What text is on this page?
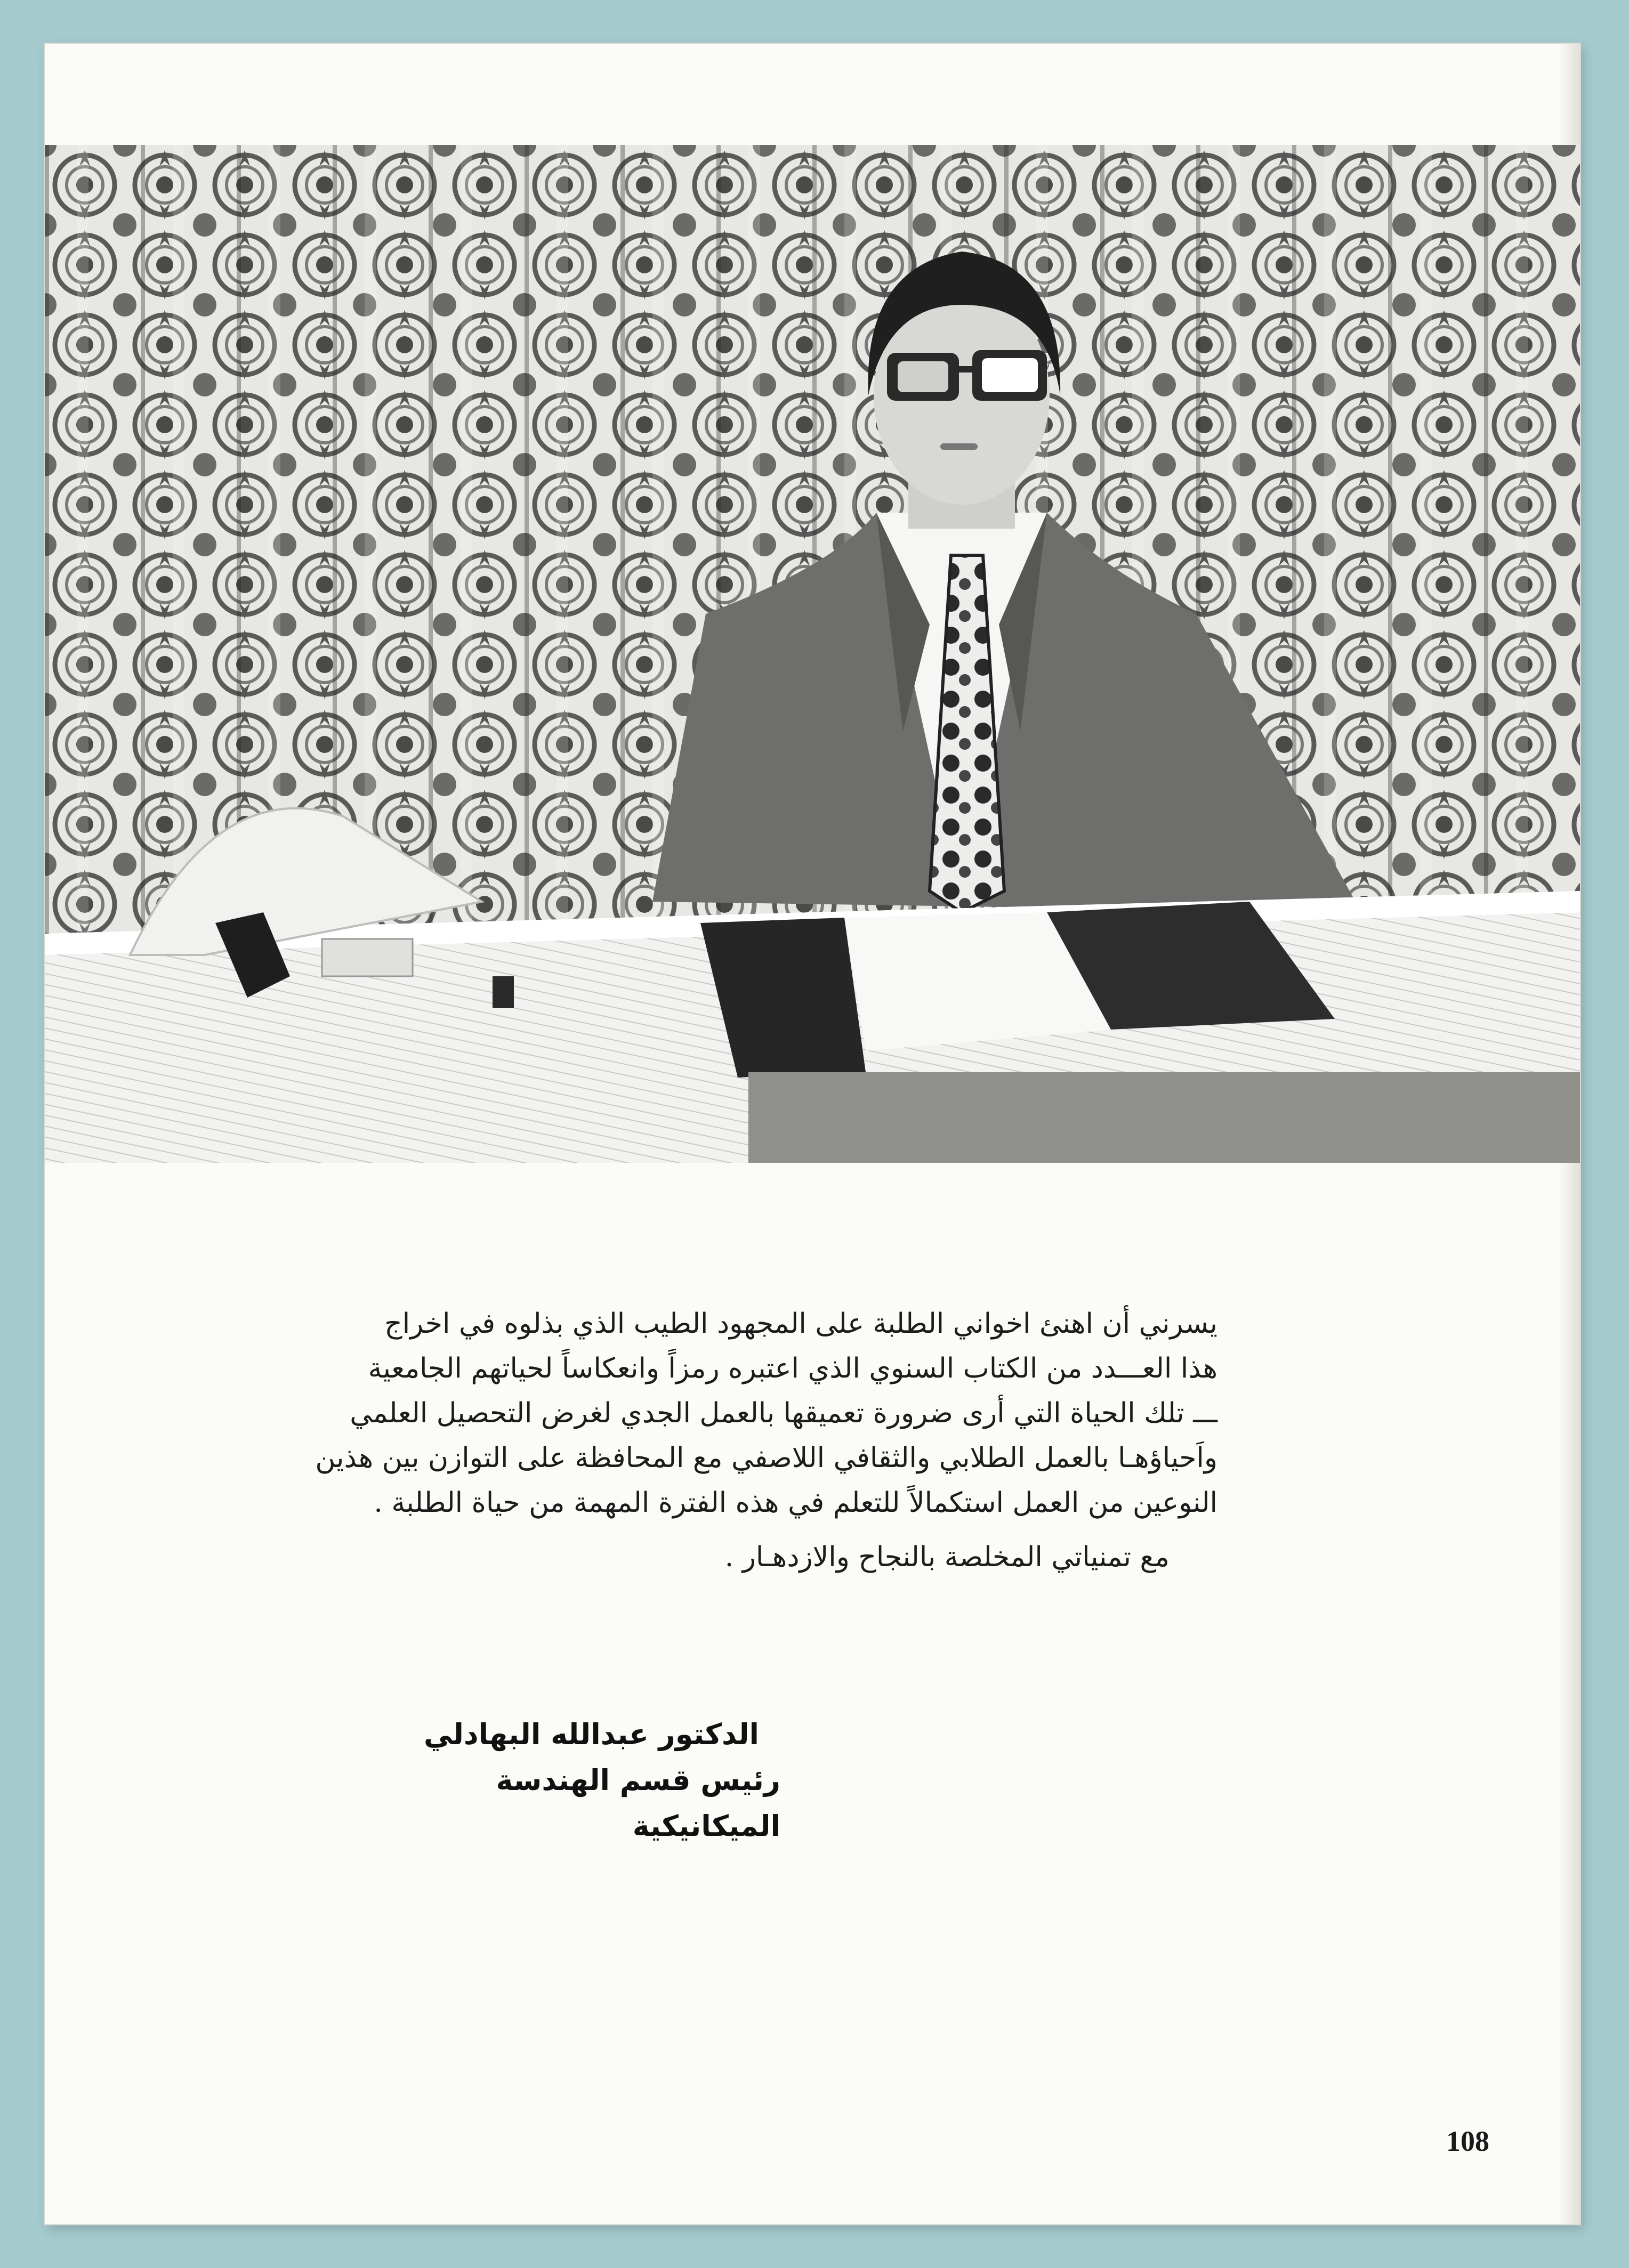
يسرني أن اهنئ اخواني الطلبة على المجهود الطيب الذي بذلوه في اخراج
هذا العـــدد من الكتاب السنوي الذي اعتبره رمزاً وانعكاساً لحياتهم الجامعية
ـــ تلك الحياة التي أرى ضرورة تعميقها بالعمل الجدي لغرض التحصيل العلمي
واَحياؤهـا بالعمل الطلابي والثقافي اللاصفي مع المحافظة على التوازن بين هذين
النوعين من العمل استكمالاً للتعلم في هذه الفترة المهمة من حياة الطلبة .
مع تمنياتي المخلصة بالنجاح والازدهـار .
الدكتور عبدالله البهادلي
رئيس قسم الهندسة الميكانيكية
108
